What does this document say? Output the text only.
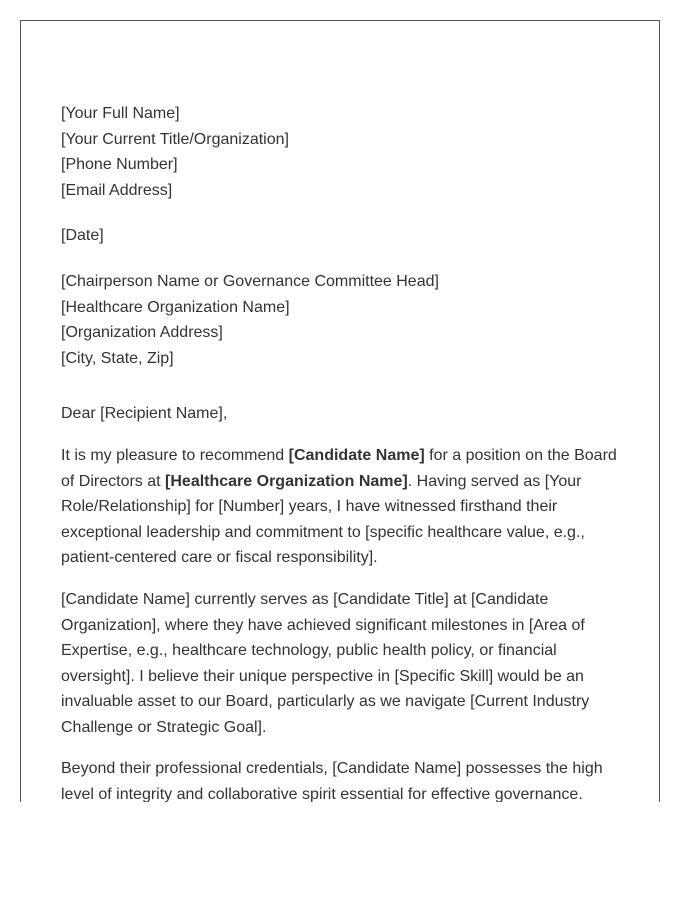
[Your Full Name]
[Your Current Title/Organization]
[Phone Number]
[Email Address]
[Date]
[Chairperson Name or Governance Committee Head]
[Healthcare Organization Name]
[Organization Address]
[City, State, Zip]
Dear [Recipient Name],

It is my pleasure to recommend [Candidate Name] for a position on the Board of Directors at [Healthcare Organization Name]. Having served as [Your Role/Relationship] for [Number] years, I have witnessed firsthand their exceptional leadership and commitment to [specific healthcare value, e.g., patient-centered care or fiscal responsibility].

[Candidate Name] currently serves as [Candidate Title] at [Candidate Organization], where they have achieved significant milestones in [Area of Expertise, e.g., healthcare technology, public health policy, or financial oversight]. I believe their unique perspective in [Specific Skill] would be an invaluable asset to our Board, particularly as we navigate [Current Industry Challenge or Strategic Goal].

Beyond their professional credentials, [Candidate Name] possesses the high level of integrity and collaborative spirit essential for effective governance.
